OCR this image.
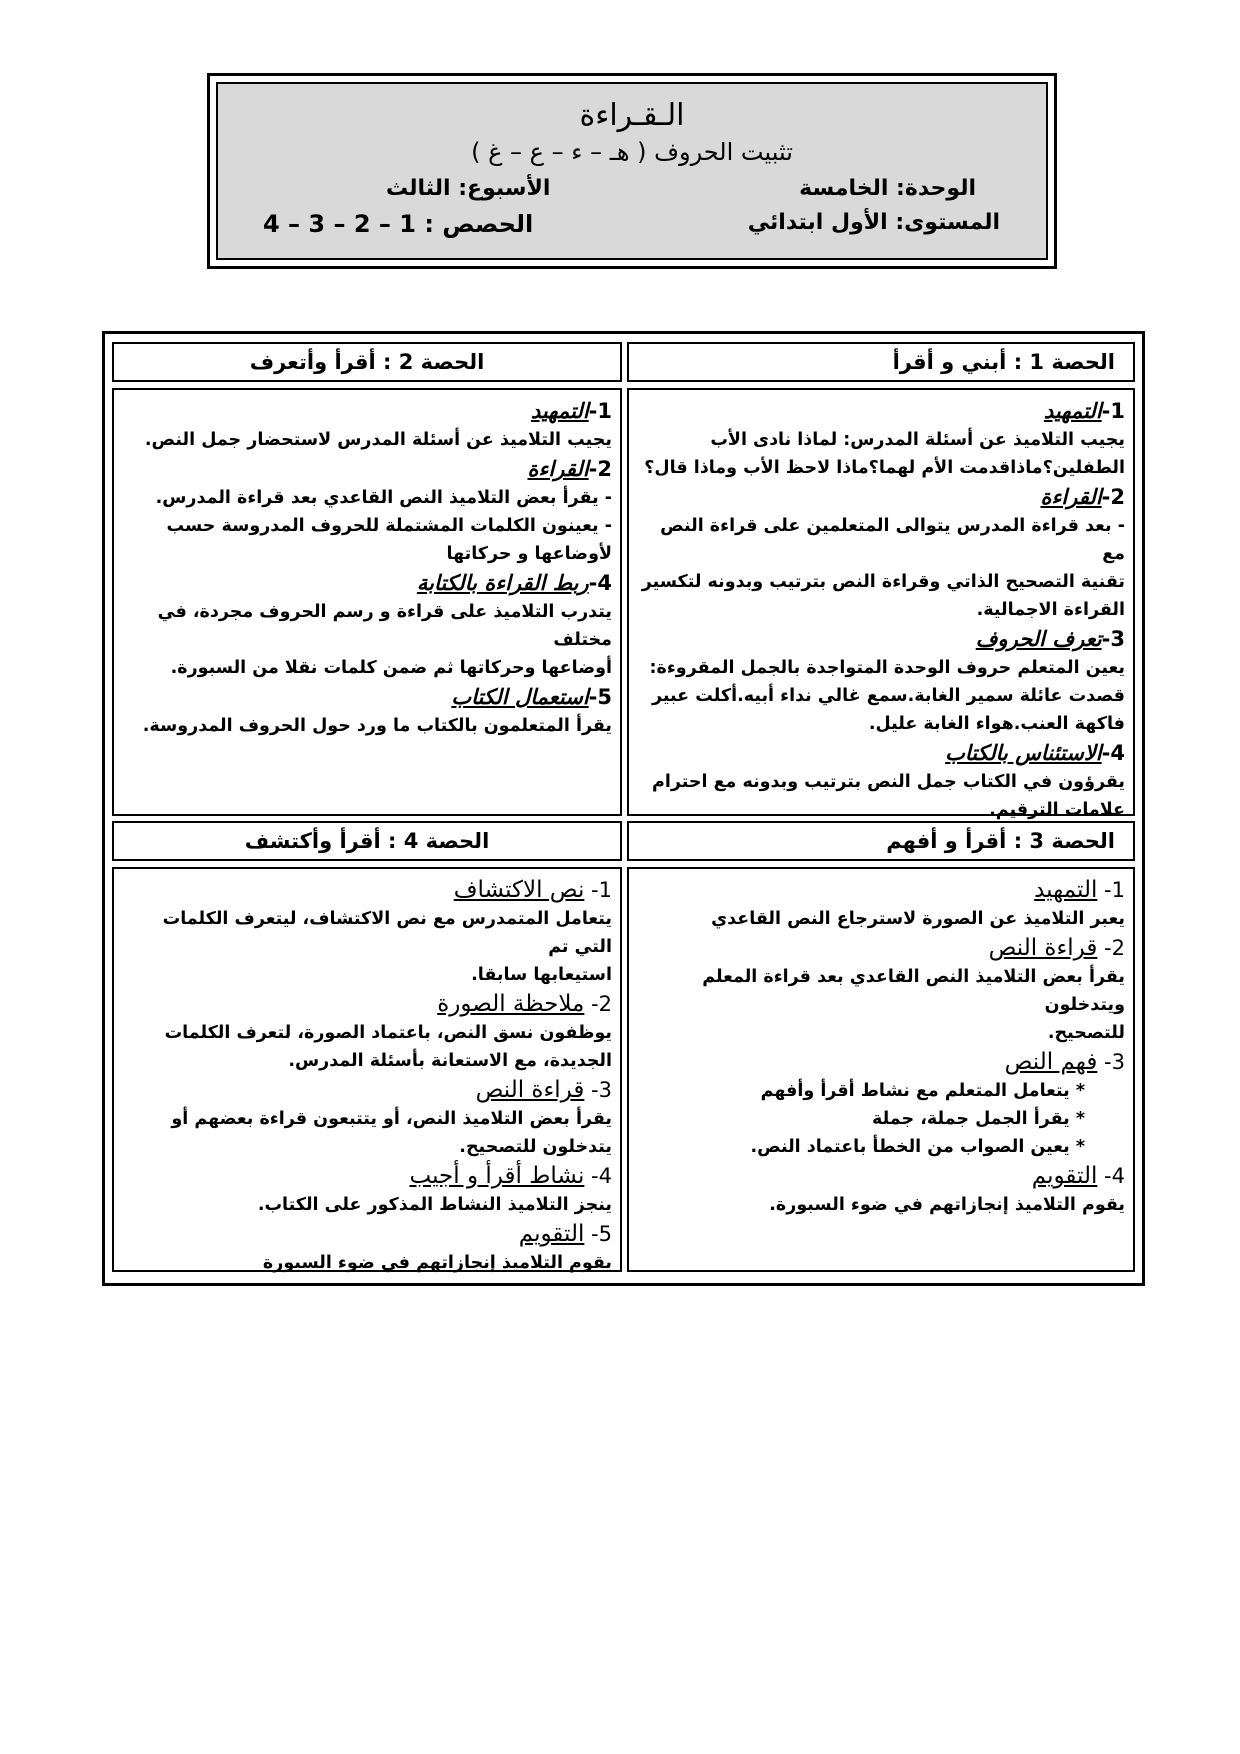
الـقـراءة
تثبيت الحروف ( هـ – ء – ع – غ )
الوحدة: الخامسة
الأسبوع: الثالث
المستوى: الأول ابتدائي
الحصص : 1 – 2 – 3 – 4
الحصة 1 : أبني و أقرأ
الحصة 2 : أقرأ وأتعرف
1-التمهيد
يجيب التلاميذ عن أسئلة المدرس: لماذا نادى الأب
الطفلين؟ماذاقدمت الأم لهما؟ماذا لاحظ الأب وماذا قال؟
2-القراءة
- بعد قراءة المدرس يتوالى المتعلمين على قراءة النص مع
تقنية التصحيح الذاتي وقراءة النص بترتيب وبدونه لتكسير
القراءة الاجمالية.
3-تعرف الحروف
يعين المتعلم حروف الوحدة المتواجدة بالجمل المقروءة:
قصدت عائلة سمير الغابة.سمع غالي نداء أبيه.أكلت عبير
فاكهة العنب.هواء الغابة عليل.
4-الاستئناس بالكتاب
يقرؤون في الكتاب جمل النص بترتيب وبدونه مع احترام
علامات الترقيم.
1-التمهيد
يجيب التلاميذ عن أسئلة المدرس لاستحضار جمل النص.
2-القراءة
- يقرأ بعض التلاميذ النص القاعدي بعد قراءة المدرس.
- يعينون الكلمات المشتملة للحروف المدروسة حسب
لأوضاعها و حركاتها
4-ربط القراءة بالكتابة
يتدرب التلاميذ على قراءة و رسم الحروف مجردة، في مختلف
أوضاعها وحركاتها ثم ضمن كلمات نقلا من السبورة.
5-استعمال الكتاب
يقرأ المتعلمون بالكتاب ما ورد حول الحروف المدروسة.
الحصة 3 : أقرأ و أفهم
الحصة 4 : أقرأ وأكتشف
1- التمهيد
يعبر التلاميذ عن الصورة لاسترجاع النص القاعدي
2- قراءة النص
يقرأ بعض التلاميذ النص القاعدي بعد قراءة المعلم ويتدخلون
للتصحيح.
3- فهم النص
* يتعامل المتعلم مع نشاط أقرأ وأفهم
* يقرأ الجمل جملة، جملة
* يعين الصواب من الخطأ باعتماد النص.
4- التقويم
يقوم التلاميذ إنجازاتهم في ضوء السبورة.
1- نص الاكتشاف
يتعامل المتمدرس مع نص الاكتشاف، ليتعرف الكلمات التي تم
استيعابها سابقا.
2- ملاحظة الصورة
يوظفون نسق النص، باعتماد الصورة، لتعرف الكلمات
الجديدة، مع الاستعانة بأسئلة المدرس.
3- قراءة النص
يقرأ بعض التلاميذ النص، أو يتتبعون قراءة بعضهم أو
يتدخلون للتصحيح.
4- نشاط أقرأ و أجيب
ينجز التلاميذ النشاط المذكور على الكتاب.
5- التقويم
يقوم التلاميذ إنجازاتهم في ضوء السبورة
